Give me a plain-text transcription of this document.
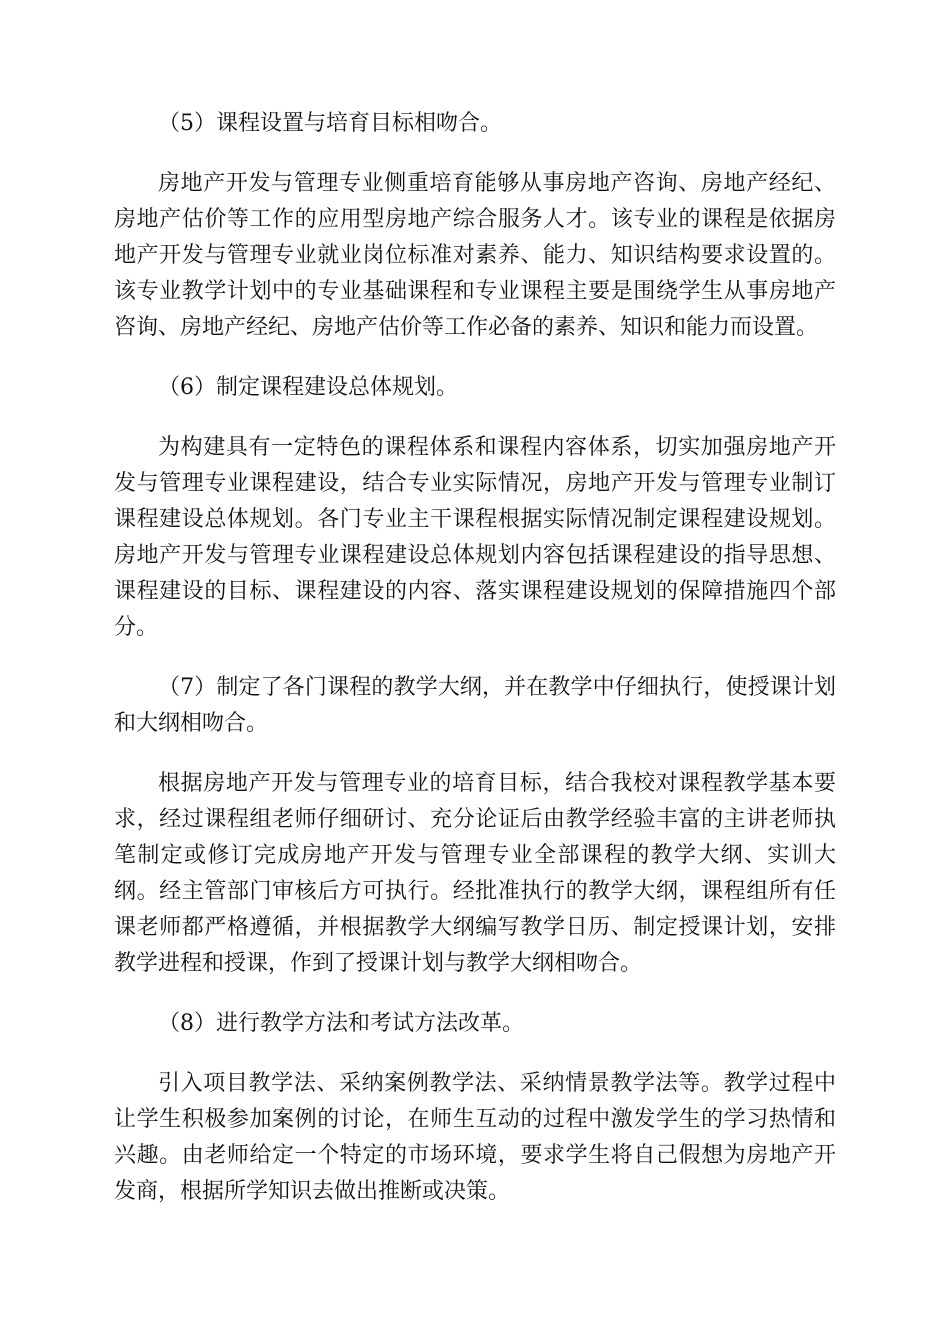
（5）课程设置与培育目标相吻合。

房地产开发与管理专业侧重培育能够从事房地产咨询、房地产经纪、房地产估价等工作的应用型房地产综合服务人才。该专业的课程是依据房地产开发与管理专业就业岗位标准对素养、能力、知识结构要求设置的。该专业教学计划中的专业基础课程和专业课程主要是围绕学生从事房地产咨询、房地产经纪、房地产估价等工作必备的素养、知识和能力而设置。

（6）制定课程建设总体规划。

为构建具有一定特色的课程体系和课程内容体系，切实加强房地产开发与管理专业课程建设，结合专业实际情况，房地产开发与管理专业制订课程建设总体规划。各门专业主干课程根据实际情况制定课程建设规划。房地产开发与管理专业课程建设总体规划内容包括课程建设的指导思想、课程建设的目标、课程建设的内容、落实课程建设规划的保障措施四个部分。

（7）制定了各门课程的教学大纲，并在教学中仔细执行，使授课计划和大纲相吻合。

根据房地产开发与管理专业的培育目标，结合我校对课程教学基本要求，经过课程组老师仔细研讨、充分论证后由教学经验丰富的主讲老师执笔制定或修订完成房地产开发与管理专业全部课程的教学大纲、实训大纲。经主管部门审核后方可执行。经批准执行的教学大纲，课程组所有任课老师都严格遵循，并根据教学大纲编写教学日历、制定授课计划，安排教学进程和授课，作到了授课计划与教学大纲相吻合。

（8）进行教学方法和考试方法改革。

引入项目教学法、采纳案例教学法、采纳情景教学法等。教学过程中让学生积极参加案例的讨论，在师生互动的过程中激发学生的学习热情和兴趣。由老师给定一个特定的市场环境，要求学生将自己假想为房地产开发商，根据所学知识去做出推断或决策。
